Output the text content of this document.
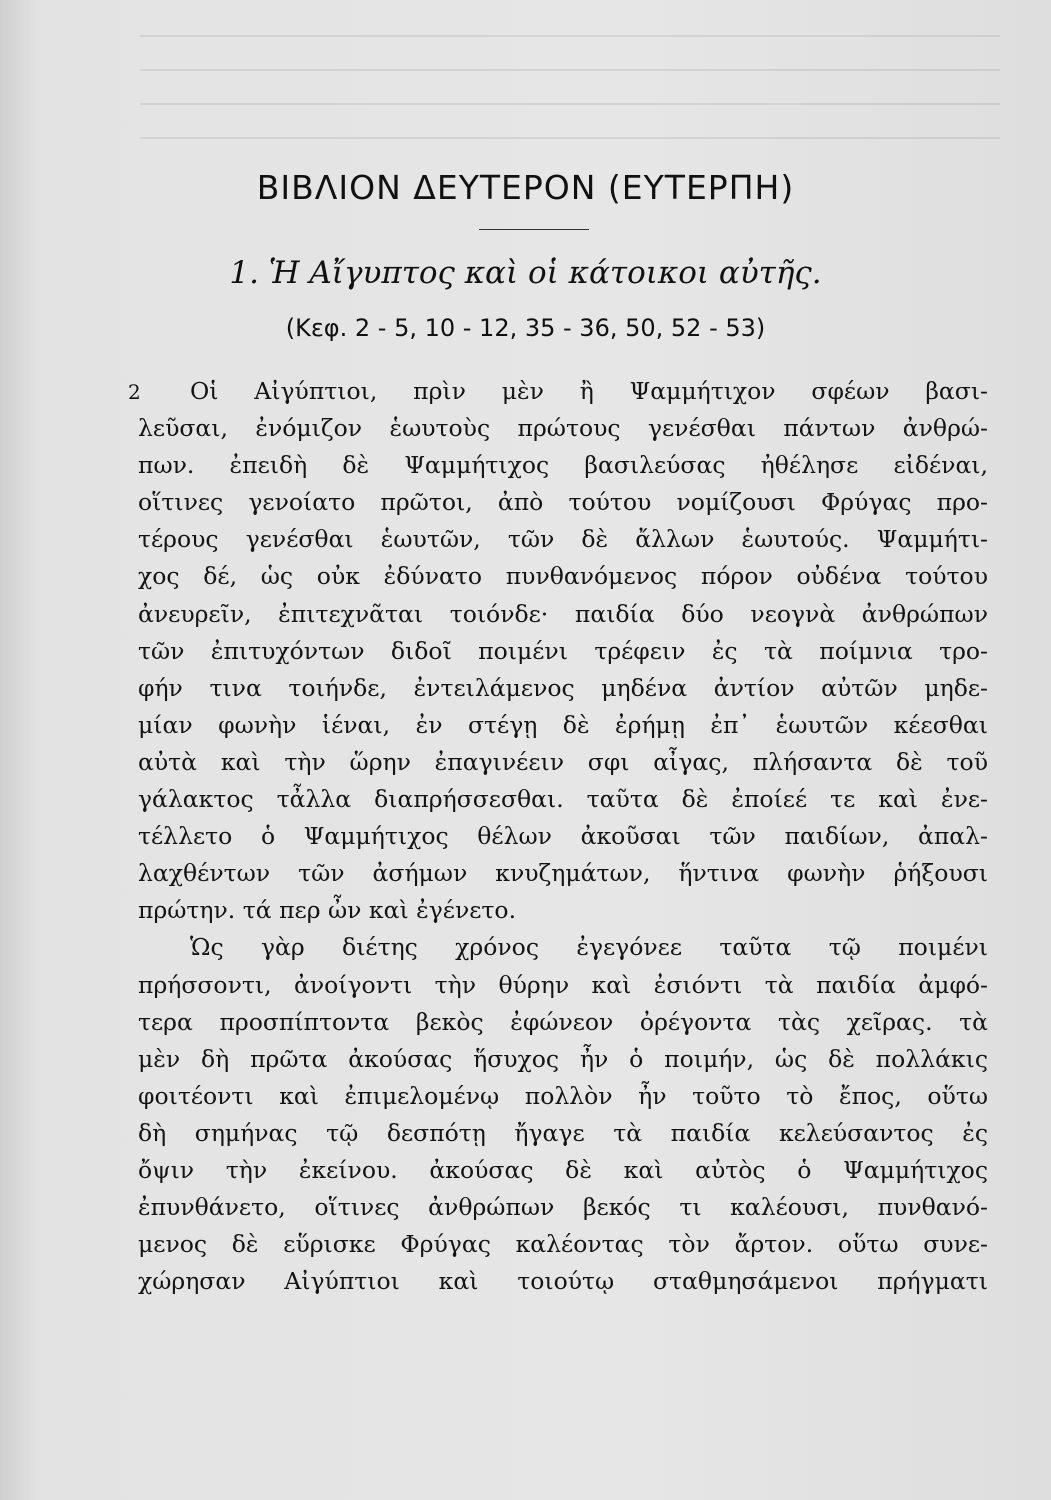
ΒΙΒΛΙΟΝ ΔΕΥΤΕΡΟΝ (ΕΥΤΕΡΠΗ)
1. Ἡ Αἴγυπτος καὶ οἱ κάτοικοι αὐτῆς.
(Κεφ. 2 - 5, 10 - 12, 35 - 36, 50, 52 - 53)
2	Οἱ Αἰγύπτιοι, πρὶν μὲν ἢ Ψαμμήτιχον σφέων βασι-
λεῦσαι, ἐνόμιζον ἑωυτοὺς πρώτους γενέσθαι πάντων ἀνθρώ-
πων. ἐπειδὴ δὲ Ψαμμήτιχος βασιλεύσας ἠθέλησε εἰδέναι,
οἵτινες γενοίατο πρῶτοι, ἀπὸ τούτου νομίζουσι Φρύγας προ-
τέρους γενέσθαι ἑωυτῶν, τῶν δὲ ἄλλων ἑωυτούς. Ψαμμήτι-
χος δέ, ὡς οὐκ ἐδύνατο πυνθανόμενος πόρον οὐδένα τούτου
ἀνευρεῖν, ἐπιτεχνᾶται τοιόνδε· παιδία δύο νεογνὰ ἀνθρώπων
τῶν ἐπιτυχόντων διδοῖ ποιμένι τρέφειν ἐς τὰ ποίμνια τρο-
φήν τινα τοιήνδε, ἐντειλάμενος μηδένα ἀντίον αὐτῶν μηδε-
μίαν φωνὴν ἱέναι, ἐν στέγῃ δὲ ἐρήμῃ ἐπ᾿ ἑωυτῶν κέεσθαι
αὐτὰ καὶ τὴν ὥρην ἐπαγινέειν σφι αἶγας, πλήσαντα δὲ τοῦ
γάλακτος τἆλλα διαπρήσσεσθαι. ταῦτα δὲ ἐποίεέ τε καὶ ἐνε-
τέλλετο ὁ Ψαμμήτιχος θέλων ἀκοῦσαι τῶν παιδίων, ἀπαλ-
λαχθέντων τῶν ἀσήμων κνυζημάτων, ἥντινα φωνὴν ῥήξουσι
πρώτην. τά περ ὦν καὶ ἐγένετο.
Ὡς γὰρ διέτης χρόνος ἐγεγόνεε ταῦτα τῷ ποιμένι
πρήσσοντι, ἀνοίγοντι τὴν θύρην καὶ ἐσιόντι τὰ παιδία ἀμφό-
τερα προσπίπτοντα βεκὸς ἐφώνεον ὀρέγοντα τὰς χεῖρας. τὰ
μὲν δὴ πρῶτα ἀκούσας ἥσυχος ἦν ὁ ποιμήν, ὡς δὲ πολλάκις
φοιτέοντι καὶ ἐπιμελομένῳ πολλὸν ἦν τοῦτο τὸ ἔπος, οὕτω
δὴ σημήνας τῷ δεσπότῃ ἤγαγε τὰ παιδία κελεύσαντος ἐς
ὄψιν τὴν ἐκείνου. ἀκούσας δὲ καὶ αὐτὸς ὁ Ψαμμήτιχος
ἐπυνθάνετο, οἵτινες ἀνθρώπων βεκός τι καλέουσι, πυνθανό-
μενος δὲ εὕρισκε Φρύγας καλέοντας τὸν ἄρτον. οὕτω συνε-
χώρησαν Αἰγύπτιοι καὶ τοιούτῳ σταθμησάμενοι πρήγματι
